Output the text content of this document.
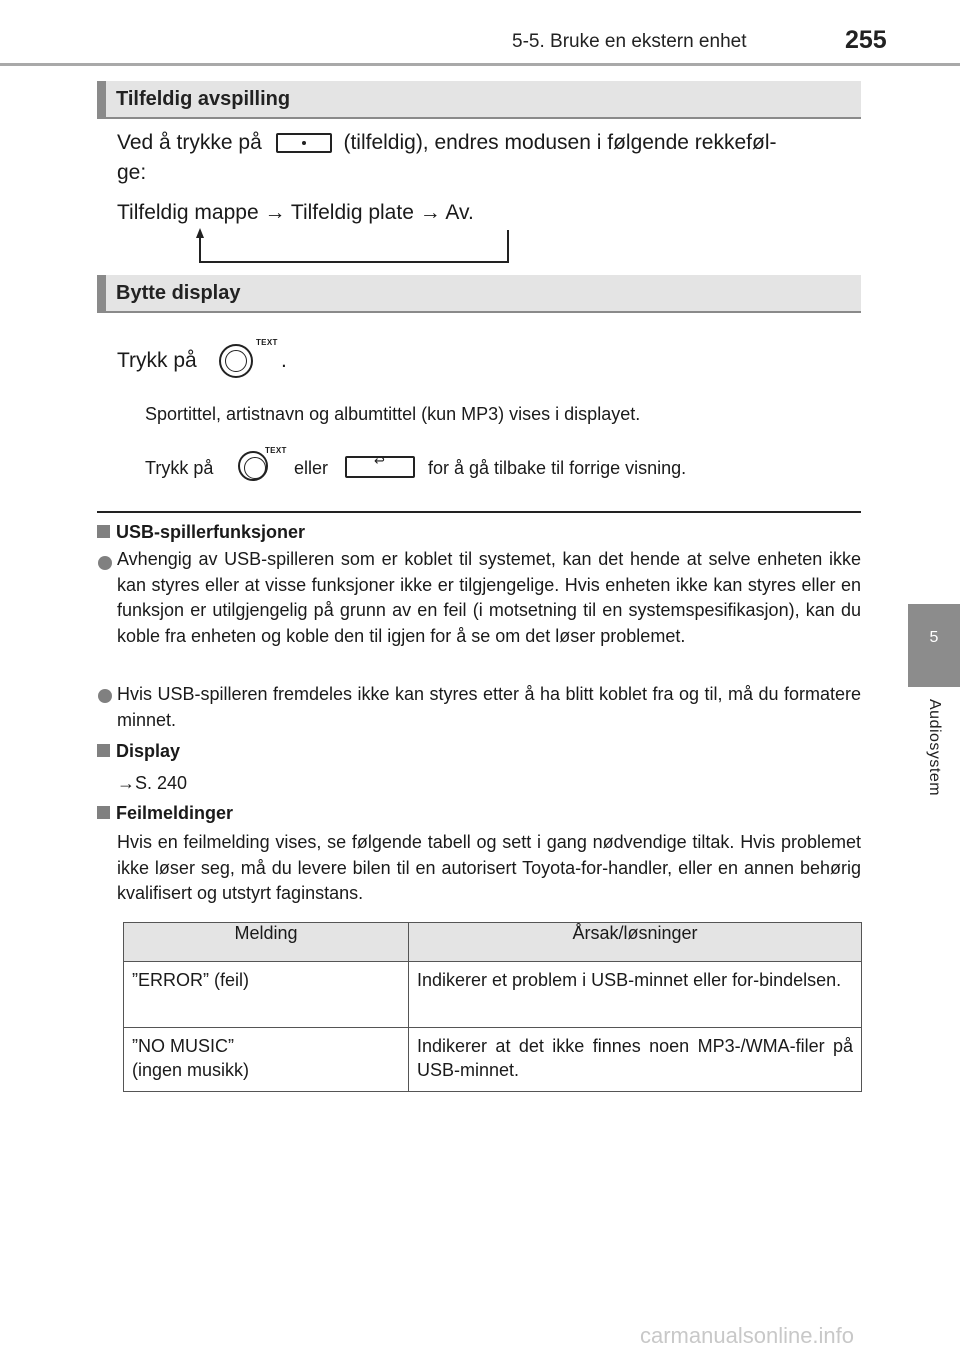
5-5. Bruke en ekstern enhet	255
5
Audiosystem
Tilfeldig avspilling
Ved å trykke på	(tilfeldig), endres modusen i følgende rekkeføl-
ge:
Tilfeldig mappe → Tilfeldig plate → Av.
Bytte display
Trykk på
TEXT
.
Sportittel, artistnavn og albumtittel (kun MP3) vises i displayet.
Trykk på
TEXT
eller	↩ for å gå tilbake til forrige visning.
USB-spillerfunksjoner
Avhengig av USB-spilleren som er koblet til systemet, kan det hende at selve enheten ikke kan styres eller at visse funksjoner ikke er tilgjengelige. Hvis enheten ikke kan styres eller en funksjon er utilgjengelig på grunn av en feil (i motsetning til en systemspesifikasjon), kan du koble fra enheten og koble den til igjen for å se om det løser problemet.
Hvis USB-spilleren fremdeles ikke kan styres etter å ha blitt koblet fra og til, må du formatere minnet.
Display
→S. 240
Feilmeldinger
Hvis en feilmelding vises, se følgende tabell og sett i gang nødvendige tiltak. Hvis problemet ikke løser seg, må du levere bilen til en autorisert Toyota-for-handler, eller en annen behørig kvalifisert og utstyrt faginstans.
Melding	Årsak/løsninger
”ERROR” (feil)	Indikerer et problem i USB-minnet eller for-bindelsen.

”NO MUSIC”
(ingen musikk)	Indikerer at det ikke finnes noen MP3-/WMA-filer på USB-minnet.
carmanualsonline.info
